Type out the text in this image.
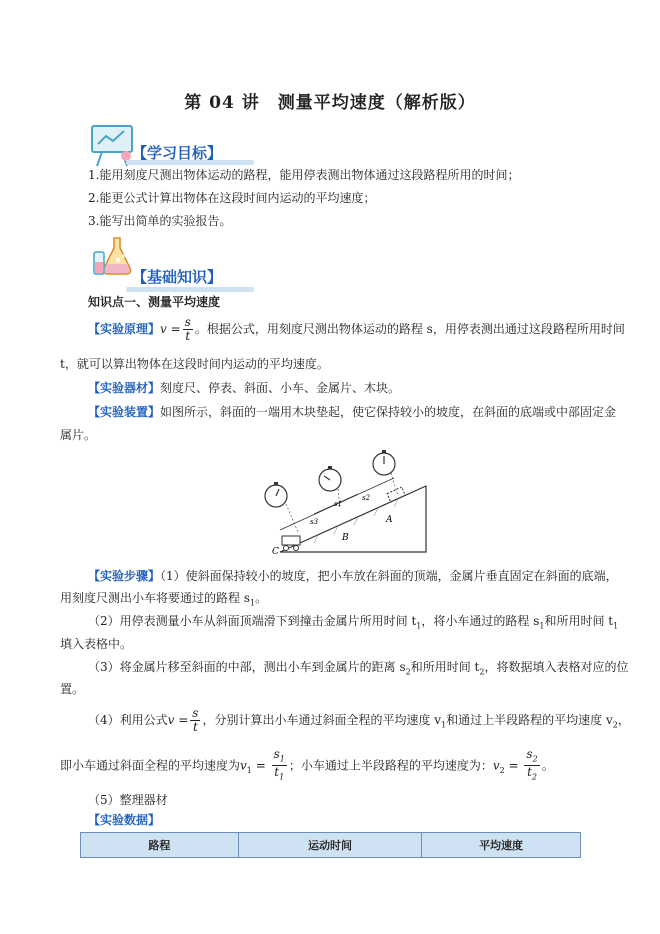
第 04 讲　测量平均速度（解析版）
【学习目标】
1.能用刻度尺测出物体运动的路程，能用停表测出物体通过这段路程所用的时间；
2.能更公式计算出物体在这段时间内运动的平均速度；
3.能写出简单的实验报告。
【基础知识】
知识点一、测量平均速度
【实验原理】$v = \frac{s}{t}$ 。根据公式，用刻度尺测出物体运动的路程 s，用停表测出通过这段路程所用时间
t，就可以算出物体在这段时间内运动的平均速度。
【实验器材】刻度尺、停表、斜面、小车、金属片、木块。
【实验装置】如图所示，斜面的一端用木块垫起，使它保持较小的坡度，在斜面的底端或中部固定金
属片。
C
B
A
s3
s1
s2
【实验步骤】（1）使斜面保持较小的坡度，把小车放在斜面的顶端，金属片垂直固定在斜面的底端，
用刻度尺测出小车将要通过的路程 $s_1$。
（2）用停表测量小车从斜面顶端滑下到撞击金属片所用时间 $t_1$，将小车通过的路程 $s_1$和所用时间 $t_1$
填入表格中。
（3）将金属片移至斜面的中部，测出小车到金属片的距离 $s_2$和所用时间 $t_2$，将数据填入表格对应的位
置。
（4）利用公式$v = \frac{s}{t}$ ，分别计算出小车通过斜面全程的平均速度 $v_1$和通过上半段路程的平均速度 $v_2$，
即小车通过斜面全程的平均速度为$v_1 = \frac{s_1}{t_1}$ ；小车通过上半段路程的平均速度为：$v_2 = \frac{s_2}{t_2}$ 。
（5）整理器材
【实验数据】
路程	运动时间	平均速度
